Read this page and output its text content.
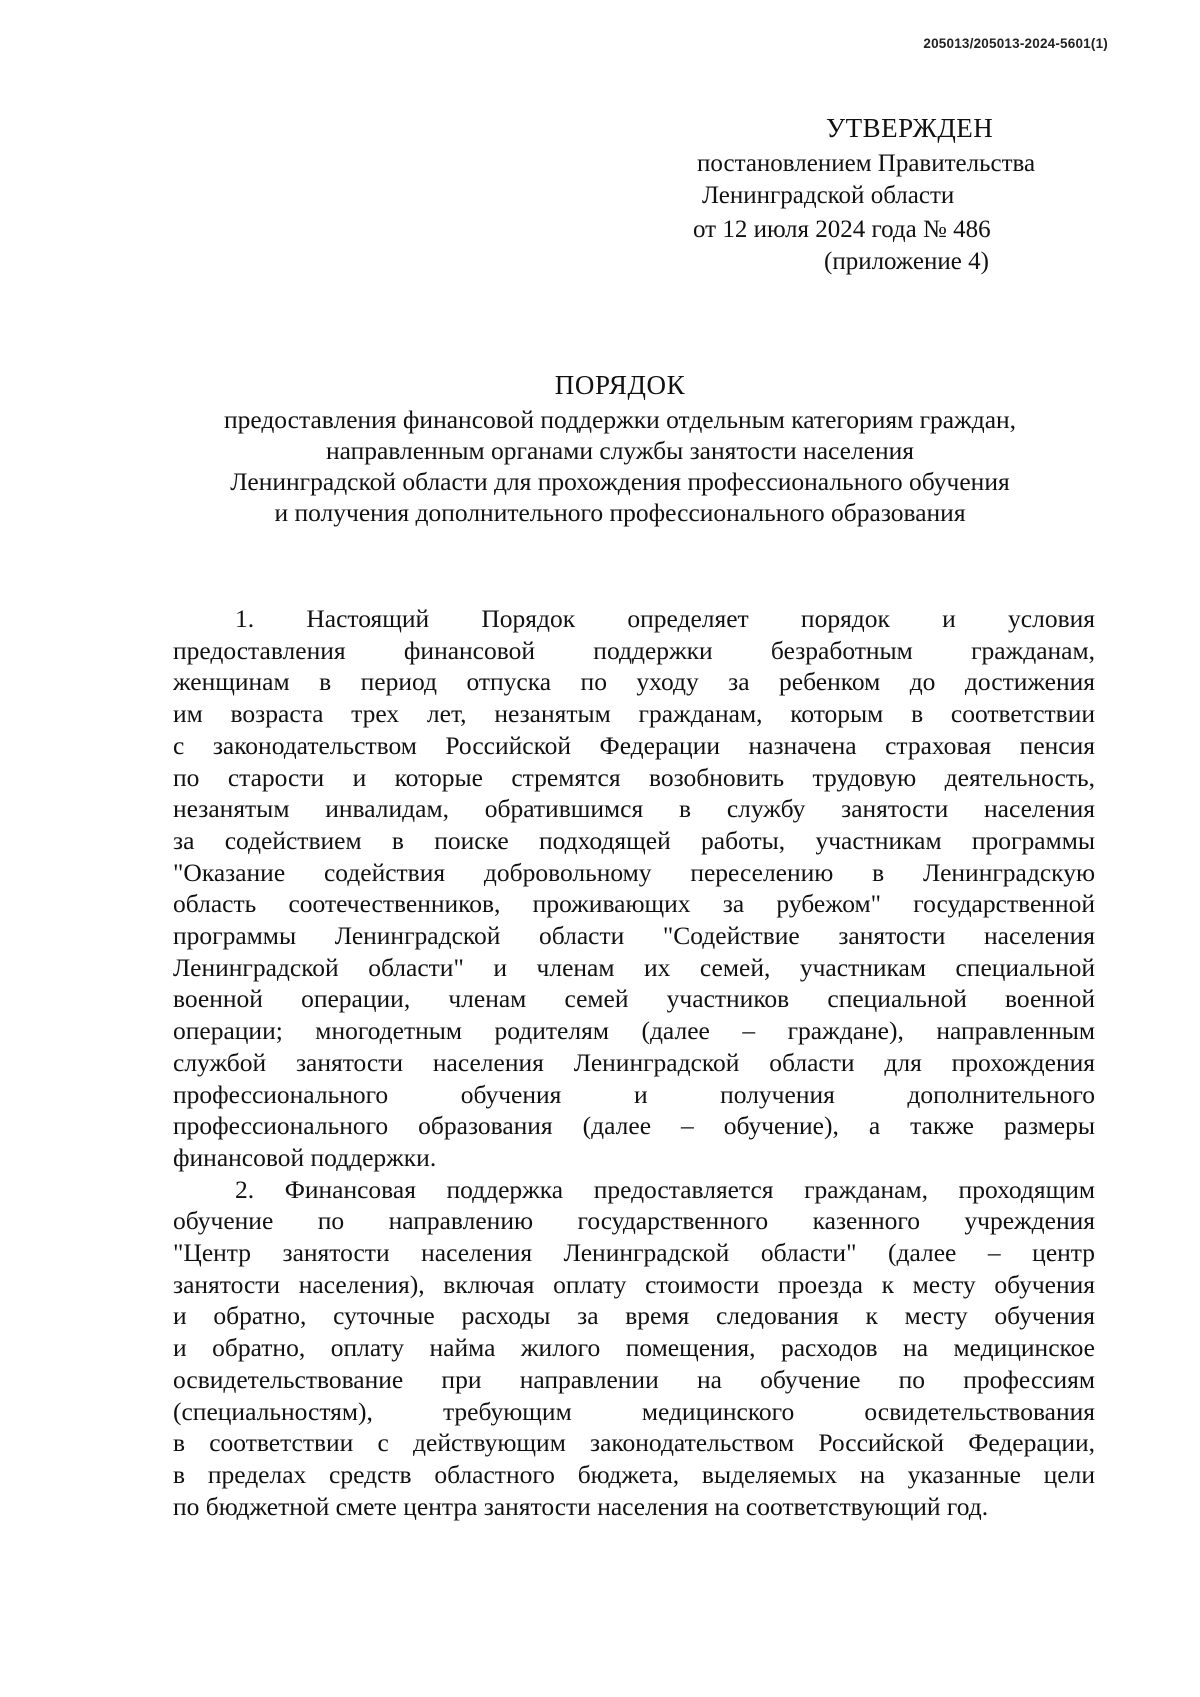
205013/205013-2024-5601(1)
УТВЕРЖДЕН
постановлением Правительства
Ленинградской области
от 12 июля 2024 года № 486
(приложение 4)
ПОРЯДОК
предоставления финансовой поддержки отдельным категориям граждан,
направленным органами службы занятости населения
Ленинградской области для прохождения профессионального обучения
и получения дополнительного профессионального образования

1. Настоящий Порядок определяет порядок и условия
предоставления финансовой поддержки безработным гражданам,
женщинам в период отпуска по уходу за ребенком до достижения
им возраста трех лет, незанятым гражданам, которым в соответствии
с законодательством Российской Федерации назначена страховая пенсия
по старости и которые стремятся возобновить трудовую деятельность,
незанятым инвалидам, обратившимся в службу занятости населения
за содействием в поиске подходящей работы, участникам программы
"Оказание содействия добровольному переселению в Ленинградскую
область соотечественников, проживающих за рубежом" государственной
программы Ленинградской области "Содействие занятости населения
Ленинградской области" и членам их семей, участникам специальной
военной операции, членам семей участников специальной военной
операции; многодетным родителям (далее – граждане), направленным
службой занятости населения Ленинградской области для прохождения
профессионального обучения и получения дополнительного
профессионального образования (далее – обучение), а также размеры
финансовой поддержки.

2. Финансовая поддержка предоставляется гражданам, проходящим
обучение по направлению государственного казенного учреждения
"Центр занятости населения Ленинградской области" (далее – центр
занятости населения), включая оплату стоимости проезда к месту обучения
и обратно, суточные расходы за время следования к месту обучения
и обратно, оплату найма жилого помещения, расходов на медицинское
освидетельствование при направлении на обучение по профессиям
(специальностям), требующим медицинского освидетельствования
в соответствии с действующим законодательством Российской Федерации,
в пределах средств областного бюджета, выделяемых на указанные цели
по бюджетной смете центра занятости населения на соответствующий год.
